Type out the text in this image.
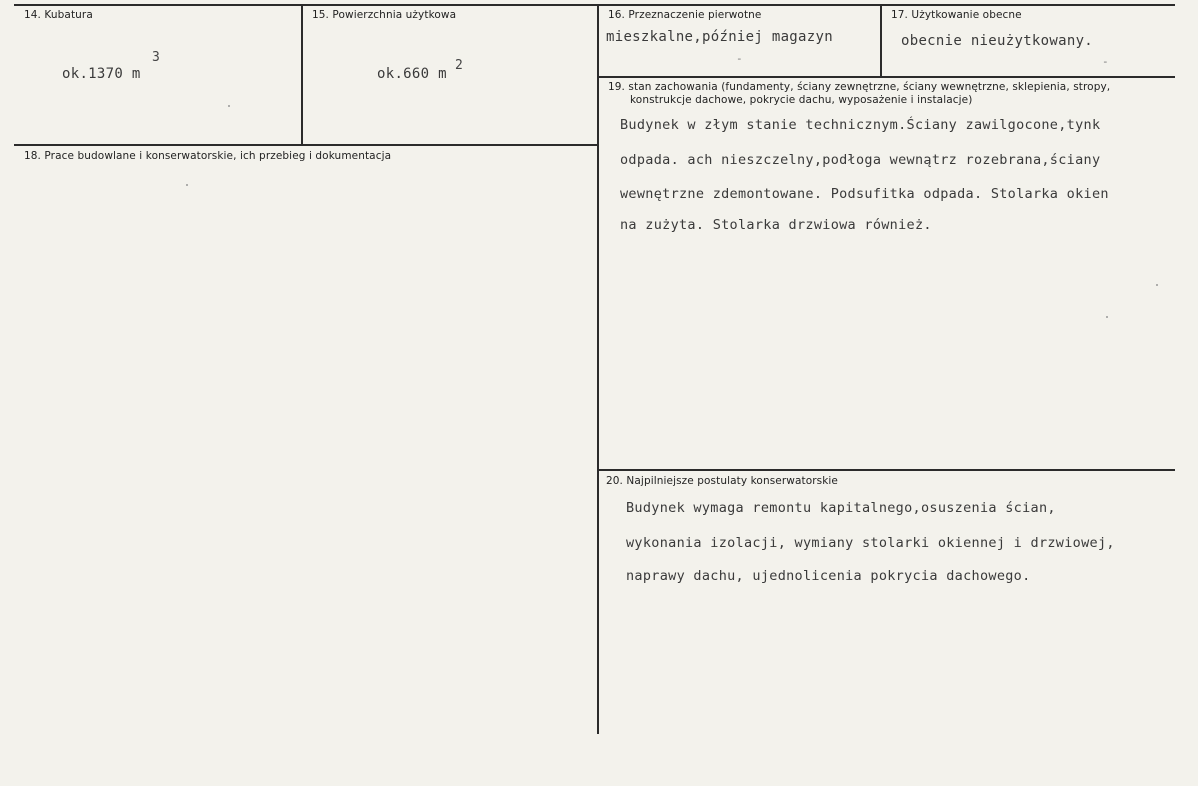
14. Kubatura
ok.1370 m
3
15. Powierzchnia użytkowa
ok.660 m
2
16. Przeznaczenie pierwotne
mieszkalne,później magazyn
-
17. Użytkowanie obecne
obecnie nieużytkowany.
-
18. Prace budowlane i konserwatorskie, ich przebieg i dokumentacja
19. stan zachowania (fundamenty, ściany zewnętrzne, ściany wewnętrzne, sklepienia, stropy,
konstrukcje dachowe, pokrycie dachu, wyposażenie i instalacje)
Budynek w złym stanie technicznym.Ściany zawilgocone,tynk
odpada. ach nieszczelny,podłoga wewnątrz rozebrana,ściany
wewnętrzne zdemontowane. Podsufitka odpada. Stolarka okien
na zużyta. Stolarka drzwiowa również.
20. Najpilniejsze postulaty konserwatorskie
Budynek wymaga remontu kapitalnego,osuszenia ścian,
wykonania izolacji, wymiany stolarki okiennej i drzwiowej,
naprawy dachu, ujednolicenia pokrycia dachowego.
